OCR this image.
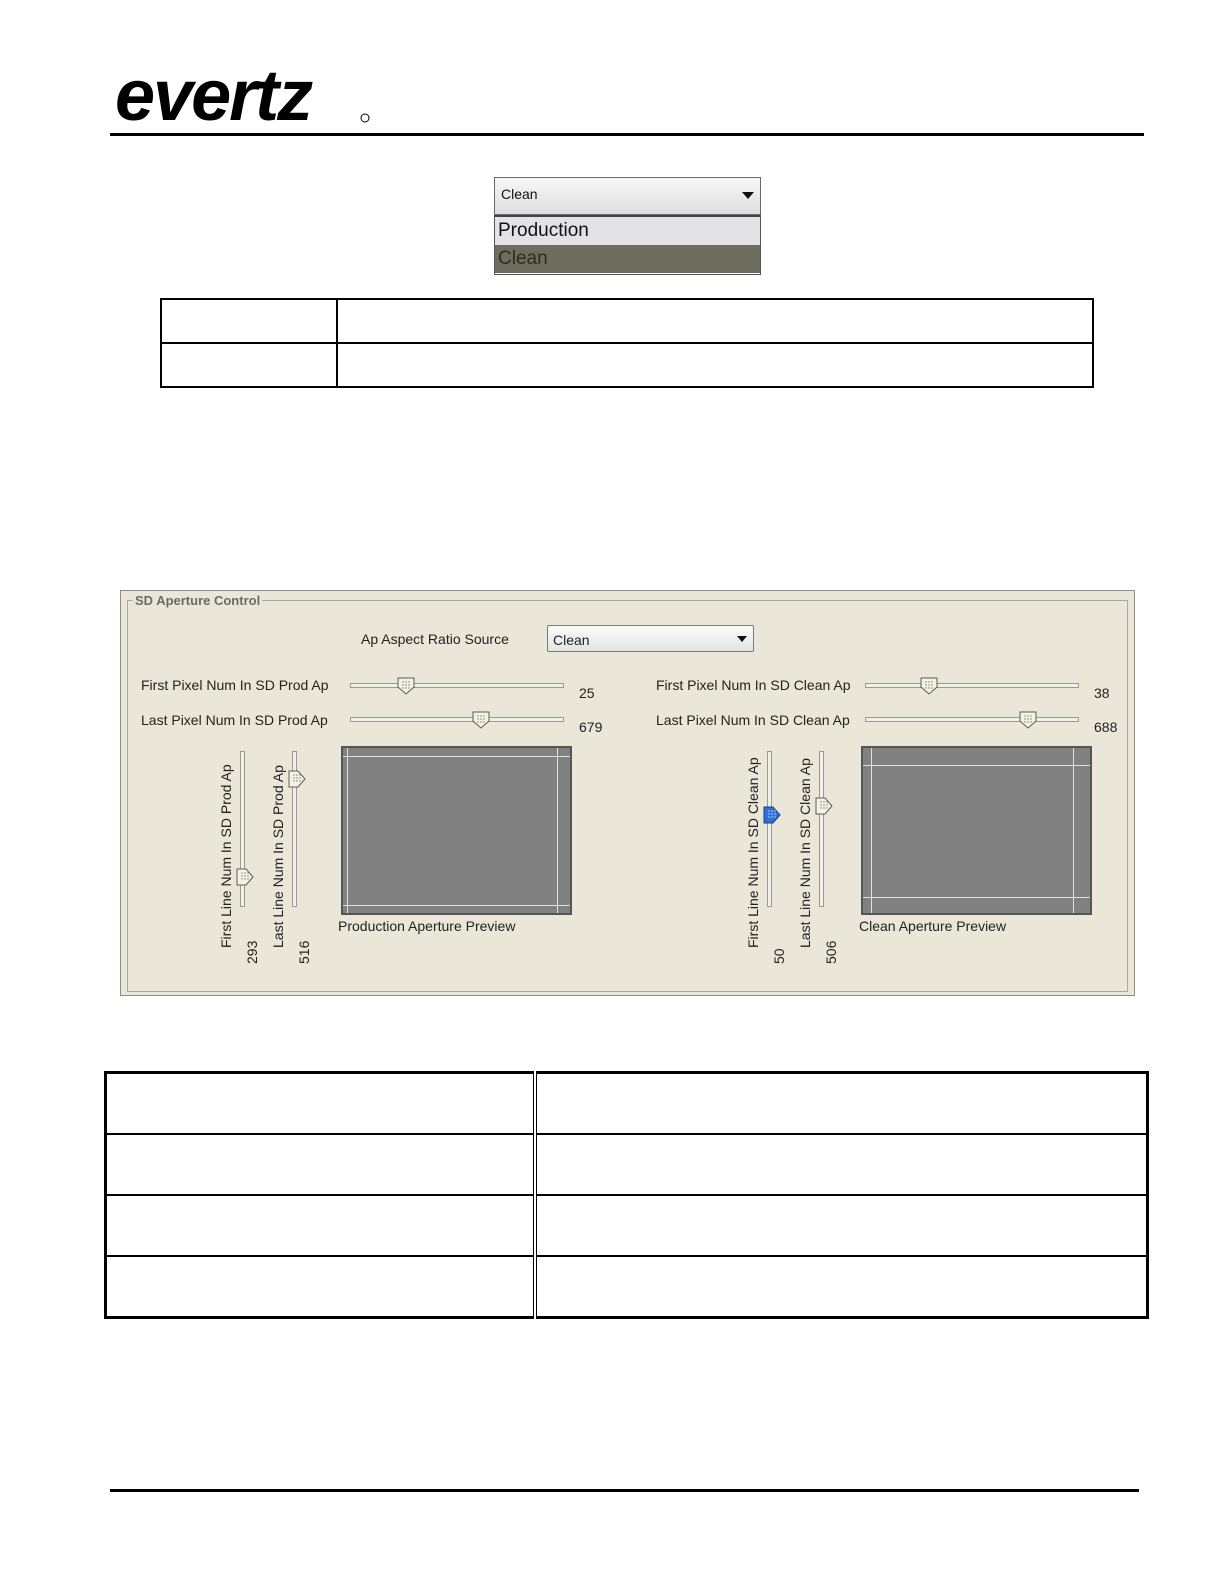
evertz
Clean
Production
Clean

SD Aperture Control
Ap Aspect Ratio Source	Clean
First Pixel Num In SD Prod Ap	25
Last Pixel Num In SD Prod Ap	679
First Pixel Num In SD Clean Ap	38
Last Pixel Num In SD Clean Ap	688
First Line Num In SD Prod Ap
293
Last Line Num In SD Prod Ap
516
Production Aperture Preview	First Line Num In SD Clean Ap
50
Last Line Num In SD Clean Ap
506
Clean Aperture Preview
